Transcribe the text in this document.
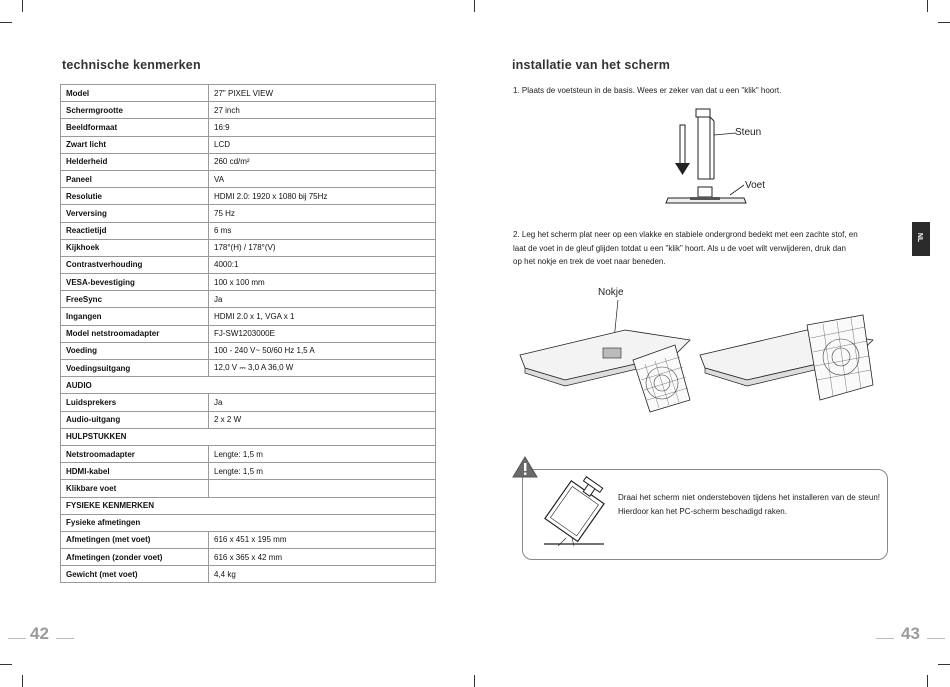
technische kenmerken
Model	27" PIXEL VIEW
Schermgrootte	27 inch
Beeldformaat	16:9
Zwart licht	LCD
Helderheid	260 cd/m²
Paneel	VA
Resolutie	HDMI 2.0: 1920 x 1080 bij 75Hz
Verversing	75 Hz
Reactietijd	6 ms
Kijkhoek	178°(H) / 178°(V)
Contrastverhouding	4000:1
VESA-bevestiging	100 x 100 mm
FreeSync	Ja
Ingangen	HDMI 2.0 x 1, VGA x 1
Model netstroomadapter	FJ-SW1203000E
Voeding	100 - 240 V~ 50/60 Hz 1,5 A
Voedingsuitgang	12,0 V ⎓ 3,0 A 36,0 W
AUDIO	
Luidsprekers	Ja
Audio-uitgang	2 x 2 W
HULPSTUKKEN	
Netstroomadapter	Lengte: 1,5 m
HDMI-kabel	Lengte: 1,5 m
Klikbare voet	
FYSIEKE KENMERKEN	
Fysieke afmetingen	
Afmetingen (met voet)	616 x 451 x 195 mm
Afmetingen (zonder voet)	616 x 365 x 42 mm
Gewicht (met voet)	4,4 kg
42
installatie van het scherm
1. Plaats de voetsteun in de basis. Wees er zeker van dat u een "klik" hoort.
Steun
Voet
2. Leg het scherm plat neer op een vlakke en stabiele ondergrond bedekt met een zachte stof, en
laat de voet in de gleuf glijden totdat u een "klik" hoort. Als u de voet wilt verwijderen, druk dan
op het nokje en trek de voet naar beneden.
Nokje
NL
Draai het scherm niet ondersteboven tijdens het installeren van de steun! Hierdoor kan het PC-scherm beschadigd raken.
43
